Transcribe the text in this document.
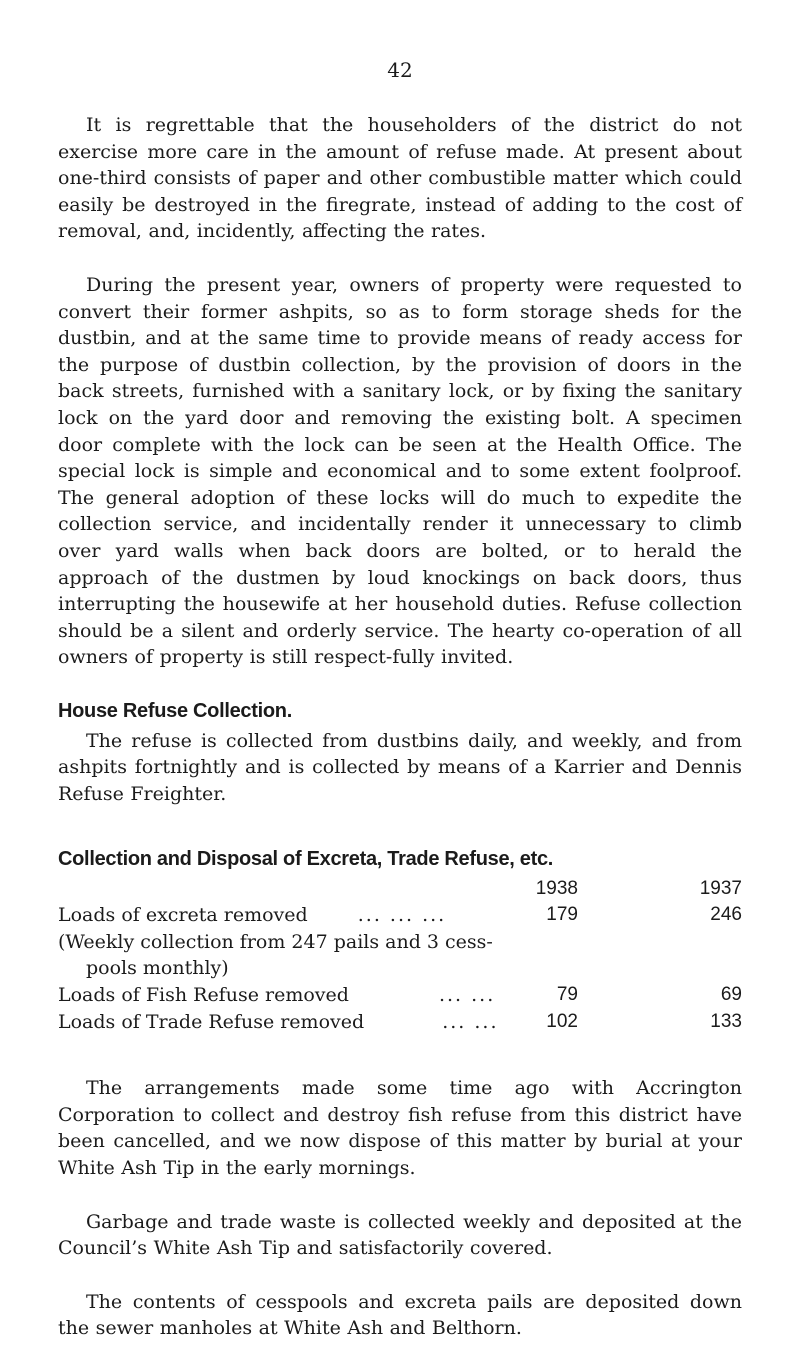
42

It is regrettable that the householders of the district do not exercise more care in the amount of refuse made. At present about one-third consists of paper and other combustible matter which could easily be destroyed in the firegrate, instead of adding to the cost of removal, and, incidently, affecting the rates.

During the present year, owners of property were requested to convert their former ashpits, so as to form storage sheds for the dustbin, and at the same time to provide means of ready access for the purpose of dustbin collection, by the provision of doors in the back streets, furnished with a sanitary lock, or by fixing the sanitary lock on the yard door and removing the existing bolt. A specimen door complete with the lock can be seen at the Health Office. The special lock is simple and economical and to some extent foolproof. The general adoption of these locks will do much to expedite the collection service, and incidentally render it unnecessary to climb over yard walls when back doors are bolted, or to herald the approach of the dustmen by loud knockings on back doors, thus interrupting the housewife at her household duties. Refuse collection should be a silent and orderly service. The hearty co-operation of all owners of property is still respect-fully invited.

House Refuse Collection.

The refuse is collected from dustbins daily, and weekly, and from ashpits fortnightly and is collected by means of a Karrier and Dennis Refuse Freighter.

Collection and Disposal of Excreta, Trade Refuse, etc.
	1938	1937
Loads of excreta removed ... ... ...	179	246
(Weekly collection from 247 pails and 3 cess-		
pools monthly)		
Loads of Fish Refuse removed ... ...	79	69
Loads of Trade Refuse removed ... ...	102	133

The arrangements made some time ago with Accrington Corporation to collect and destroy fish refuse from this district have been cancelled, and we now dispose of this matter by burial at your White Ash Tip in the early mornings.

Garbage and trade waste is collected weekly and deposited at the Council’s White Ash Tip and satisfactorily covered.

The contents of cesspools and excreta pails are deposited down the sewer manholes at White Ash and Belthorn.
